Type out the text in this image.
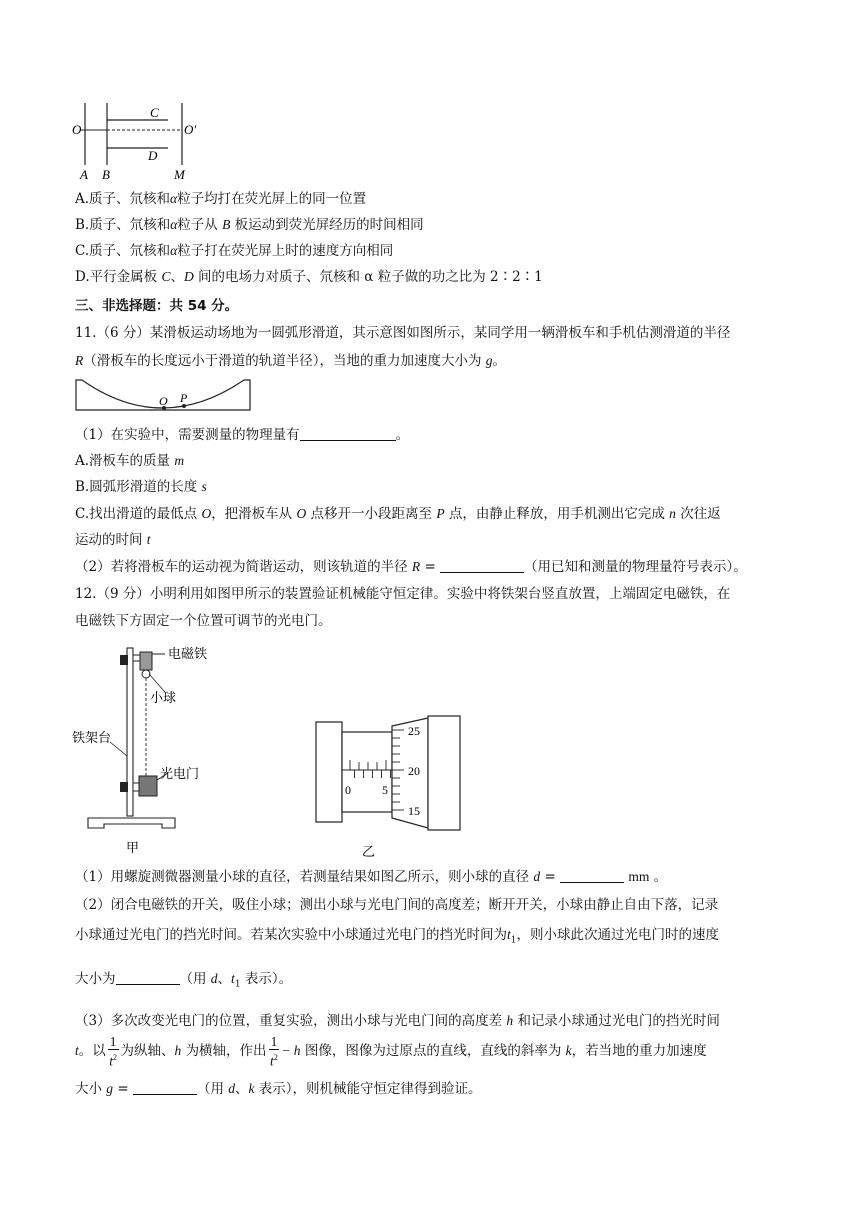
O	O′
C
D
A B	M
A.质子、氘核和α粒子均打在荧光屏上的同一位置
B.质子、氘核和α粒子从 B 板运动到荧光屏经历的时间相同
C.质子、氘核和α粒子打在荧光屏上时的速度方向相同
D.平行金属板 C、D 间的电场力对质子、氘核和 α 粒子做的功之比为 2∶2∶1
三、非选择题：共 54 分。
11.（6 分）某滑板运动场地为一圆弧形滑道，其示意图如图所示，某同学用一辆滑板车和手机估测滑道的半径
R（滑板车的长度远小于滑道的轨道半径），当地的重力加速度大小为 g。
O P
（1）在实验中，需要测量的物理量有	。
A.滑板车的质量 m
B.圆弧形滑道的长度 s
C.找出滑道的最低点 O，把滑板车从 O 点移开一小段距离至 P 点，由静止释放，用手机测出它完成 n 次往返
运动的时间 t
（2）若将滑板车的运动视为简谐运动，则该轨道的半径 R =	（用已知和测量的物理量符号表示）。
12.（9 分）小明利用如图甲所示的装置验证机械能守恒定律。实验中将铁架台竖直放置，上端固定电磁铁，在
电磁铁下方固定一个位置可调节的光电门。
电磁铁
小球
铁架台
光电门
甲
0	5
25
20
15
乙
（1）用螺旋测微器测量小球的直径，若测量结果如图乙所示，则小球的直径 d =	mm 。
（2）闭合电磁铁的开关，吸住小球；测出小球与光电门间的高度差；断开开关，小球由静止自由下落，记录
小球通过光电门的挡光时间。若某次实验中小球通过光电门的挡光时间为$t_1$，则小球此次通过光电门时的速度
大小为	（用 d、$t_1$ 表示）。
（3）多次改变光电门的位置，重复实验，测出小球与光电门间的高度差 h 和记录小球通过光电门的挡光时间
t。以 $\frac{1}{t^2}$ 为纵轴、h 为横轴，作出 $\frac{1}{t^2} - h$ 图像，图像为过原点的直线，直线的斜率为 k，若当地的重力加速度
大小 g =	（用 d、k 表示），则机械能守恒定律得到验证。
